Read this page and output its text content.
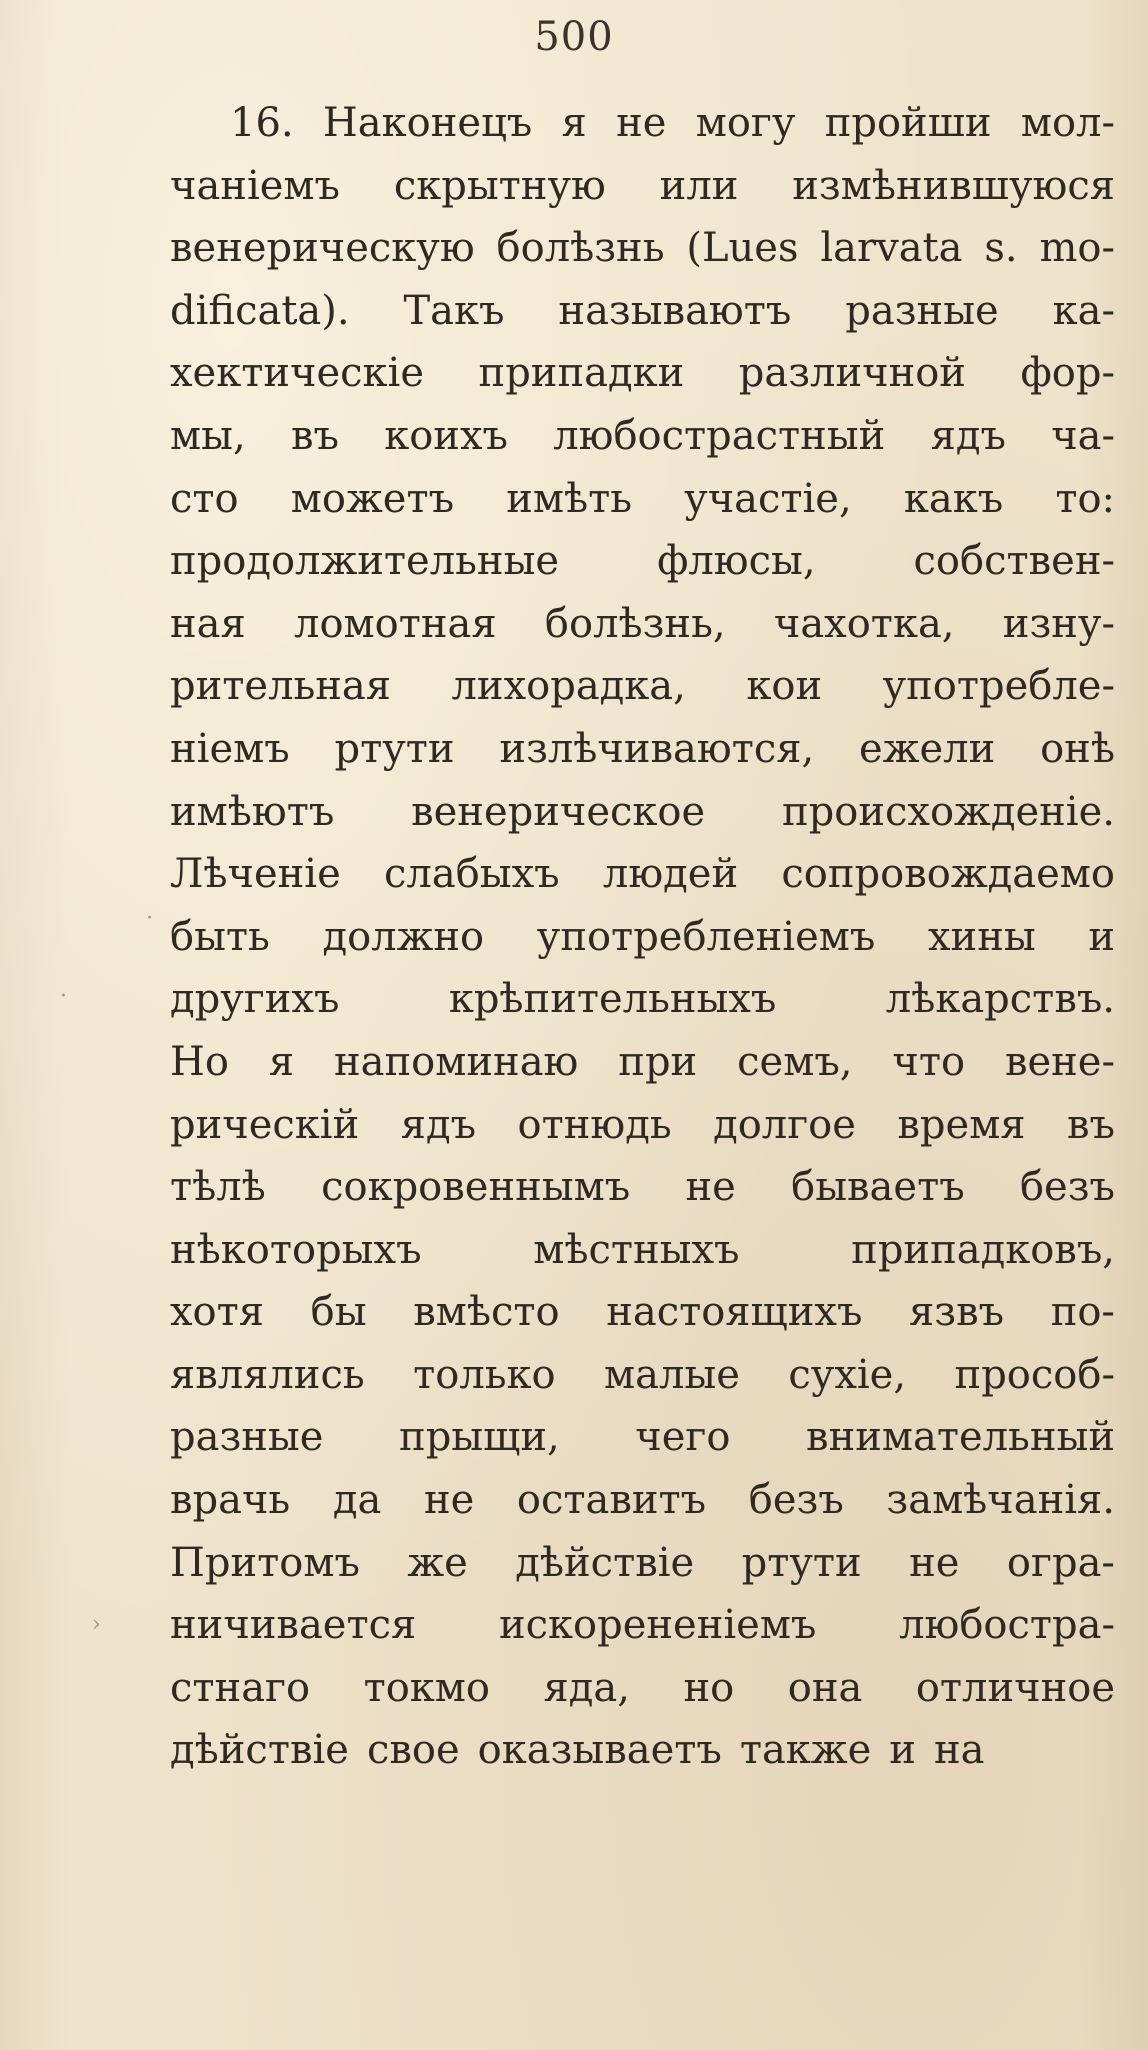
500
16. Наконецъ я не могу пройши мол-
чаніемъ скрытную или измѣнившуюся
венерическую болѣзнь (Lues larvata s. mo-
dificata). Такъ называютъ разные ка-
хектическіе припадки различной фор-
мы, въ коихъ любострастный ядъ ча-
сто можетъ имѣть участіе, какъ то:
продолжительные флюсы, собствен-
ная ломотная болѣзнь, чахотка, изну-
рительная лихорадка, кои употребле-
ніемъ ртути излѣчиваются, ежели онѣ
имѣютъ венерическое происхожденіе.
Лѣченіе слабыхъ людей сопровождаемо
быть должно употребленіемъ хины и
другихъ	крѣпительныхъ	лѣкарствъ.
Но я напоминаю при семъ, что вене-
рическій ядъ отнюдь долгое время въ
тѣлѣ сокровеннымъ не бываетъ безъ
нѣкоторыхъ	мѣстныхъ	припадковъ,
хотя бы вмѣсто настоящихъ язвъ по-
являлись только малые сухіе, прособ-
разные прыщи, чего внимательный
врачь да не оставитъ безъ замѣчанія.
Притомъ же дѣйствіе ртути не огра-
ничивается искорененіемъ любостра-
стнаго токмо яда, но она отличное
дѣйствіе свое оказываетъ также и на
·
›
·
